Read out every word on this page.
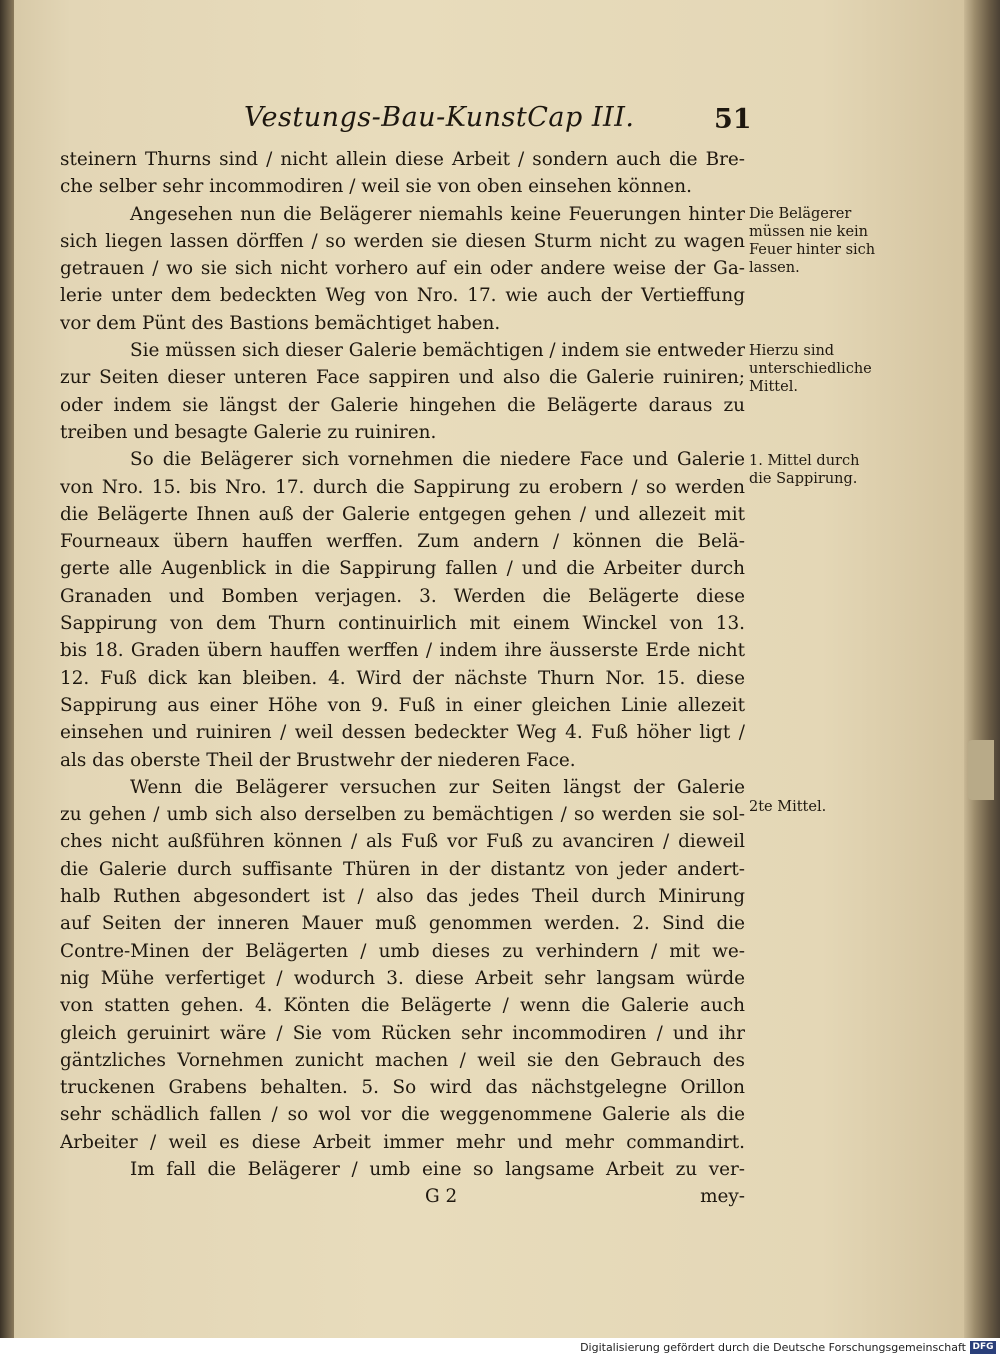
Vestungs-Bau-KunstCap III.	51
steinern Thurns sind / nicht allein diese Arbeit / sondern auch die Bre-
che selber sehr incommodiren / weil sie von oben einsehen können.
Angesehen nun die Belägerer niemahls keine Feuerungen hinter
sich liegen lassen dörffen / so werden sie diesen Sturm nicht zu wagen
getrauen / wo sie sich nicht vorhero auf ein oder andere weise der Ga-
lerie unter dem bedeckten Weg von Nro. 17. wie auch der Vertieffung
vor dem Pünt des Bastions bemächtiget haben.
Sie müssen sich dieser Galerie bemächtigen / indem sie entweder
zur Seiten dieser unteren Face sappiren und also die Galerie ruiniren;
oder indem sie längst der Galerie hingehen die Belägerte daraus zu
treiben und besagte Galerie zu ruiniren.
So die Belägerer sich vornehmen die niedere Face und Galerie
von Nro. 15. bis Nro. 17. durch die Sappirung zu erobern / so werden
die Belägerte Ihnen auß der Galerie entgegen gehen / und allezeit mit
Fourneaux übern hauffen werffen. Zum andern / können die Belä-
gerte alle Augenblick in die Sappirung fallen / und die Arbeiter durch
Granaden und Bomben verjagen. 3. Werden die Belägerte diese
Sappirung von dem Thurn continuirlich mit einem Winckel von 13.
bis 18. Graden übern hauffen werffen / indem ihre äusserste Erde nicht
12. Fuß dick kan bleiben. 4. Wird der nächste Thurn Nor. 15. diese
Sappirung aus einer Höhe von 9. Fuß in einer gleichen Linie allezeit
einsehen und ruiniren / weil dessen bedeckter Weg 4. Fuß höher ligt /
als das oberste Theil der Brustwehr der niederen Face.
Wenn die Belägerer versuchen zur Seiten längst der Galerie
zu gehen / umb sich also derselben zu bemächtigen / so werden sie sol-
ches nicht außführen können / als Fuß vor Fuß zu avanciren / dieweil
die Galerie durch suffisante Thüren in der distantz von jeder andert-
halb Ruthen abgesondert ist / also das jedes Theil durch Minirung
auf Seiten der inneren Mauer muß genommen werden. 2. Sind die
Contre-Minen der Belägerten / umb dieses zu verhindern / mit we-
nig Mühe verfertiget / wodurch 3. diese Arbeit sehr langsam würde
von statten gehen. 4. Könten die Belägerte / wenn die Galerie auch
gleich geruinirt wäre / Sie vom Rücken sehr incommodiren / und ihr
gäntzliches Vornehmen zunicht machen / weil sie den Gebrauch des
truckenen Grabens behalten. 5. So wird das nächstgelegne Orillon
sehr schädlich fallen / so wol vor die weggenommene Galerie als die
Arbeiter / weil es diese Arbeit immer mehr und mehr commandirt.
Im fall die Belägerer / umb eine so langsame Arbeit zu ver-
G 2	mey-
Die Belägerer müssen nie kein Feuer hinter sich lassen.
Hierzu sind unterschiedliche Mittel.
1. Mittel durch die Sappirung.
2te Mittel.
Digitalisierung gefördert durch die Deutsche Forschungsgemeinschaft DFG
